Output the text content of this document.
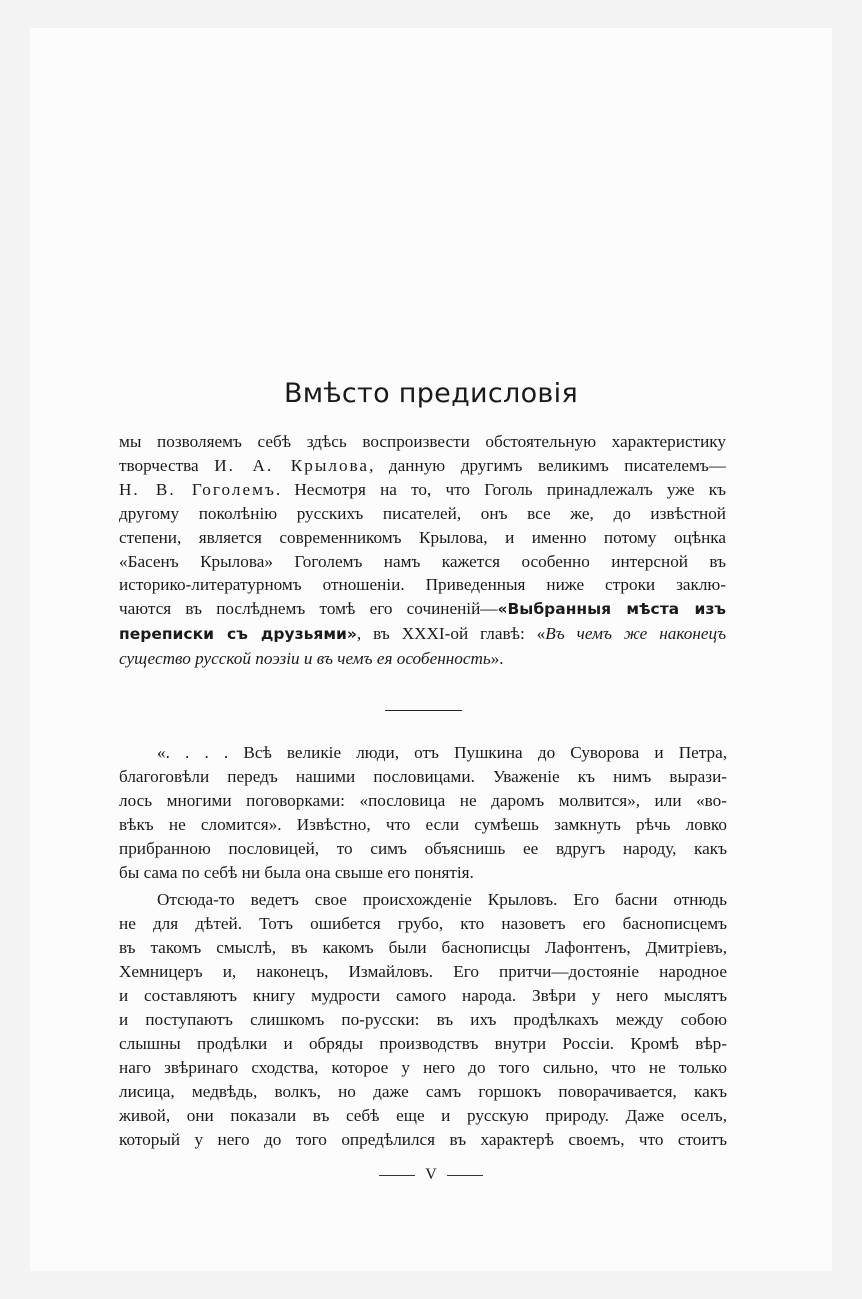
Вмѣсто предисловія
мы позволяемъ себѣ здѣсь воспроизвести обстоятельную характеристику
творчества И. А. Крылова, данную другимъ великимъ писателемъ—
Н. В. Гоголемъ. Несмотря на то, что Гоголь принадлежалъ уже къ
другому поколѣнію русскихъ писателей, онъ все же, до извѣстной
степени, является современникомъ Крылова, и именно потому оцѣнка
«Басенъ Крылова» Гоголемъ намъ кажется особенно интерсной въ
историко-литературномъ отношеніи. Приведенныя ниже строки заклю-
чаются въ послѣднемъ томѣ его сочиненій—«Выбранныя мѣста изъ
переписки съ друзьями», въ XXXI-ой главѣ: «Въ чемъ же наконецъ
существо русской поэзіи и въ чемъ ея особенность».
«. . . . Всѣ великіе люди, отъ Пушкина до Суворова и Петра,
благоговѣли передъ нашими пословицами. Уваженіе къ нимъ вырази-
лось многими поговорками: «пословица не даромъ молвится», или «во-
вѣкъ не сломится». Извѣстно, что если сумѣешь замкнуть рѣчь ловко
прибранною пословицей, то симъ объяснишь ее вдругъ народу, какъ
бы сама по себѣ ни была она свыше его понятія.
Отсюда-то ведетъ свое происхожденіе Крыловъ. Его басни отнюдь
не для дѣтей. Тотъ ошибется грубо, кто назоветъ его баснописцемъ
въ такомъ смыслѣ, въ какомъ были баснописцы Лафонтенъ, Дмитріевъ,
Хемницеръ и, наконецъ, Измайловъ. Его притчи—достояніе народное
и составляютъ книгу мудрости самого народа. Звѣри у него мыслятъ
и поступаютъ слишкомъ по-русски: въ ихъ продѣлкахъ между собою
слышны продѣлки и обряды производствъ внутри Россіи. Кромѣ вѣр-
наго звѣринаго сходства, которое у него до того сильно, что не только
лисица, медвѣдь, волкъ, но даже самъ горшокъ поворачивается, какъ
живой, они показали въ себѣ еще и русскую природу. Даже оселъ,
который у него до того опредѣлился въ характерѣ своемъ, что стоитъ
V
